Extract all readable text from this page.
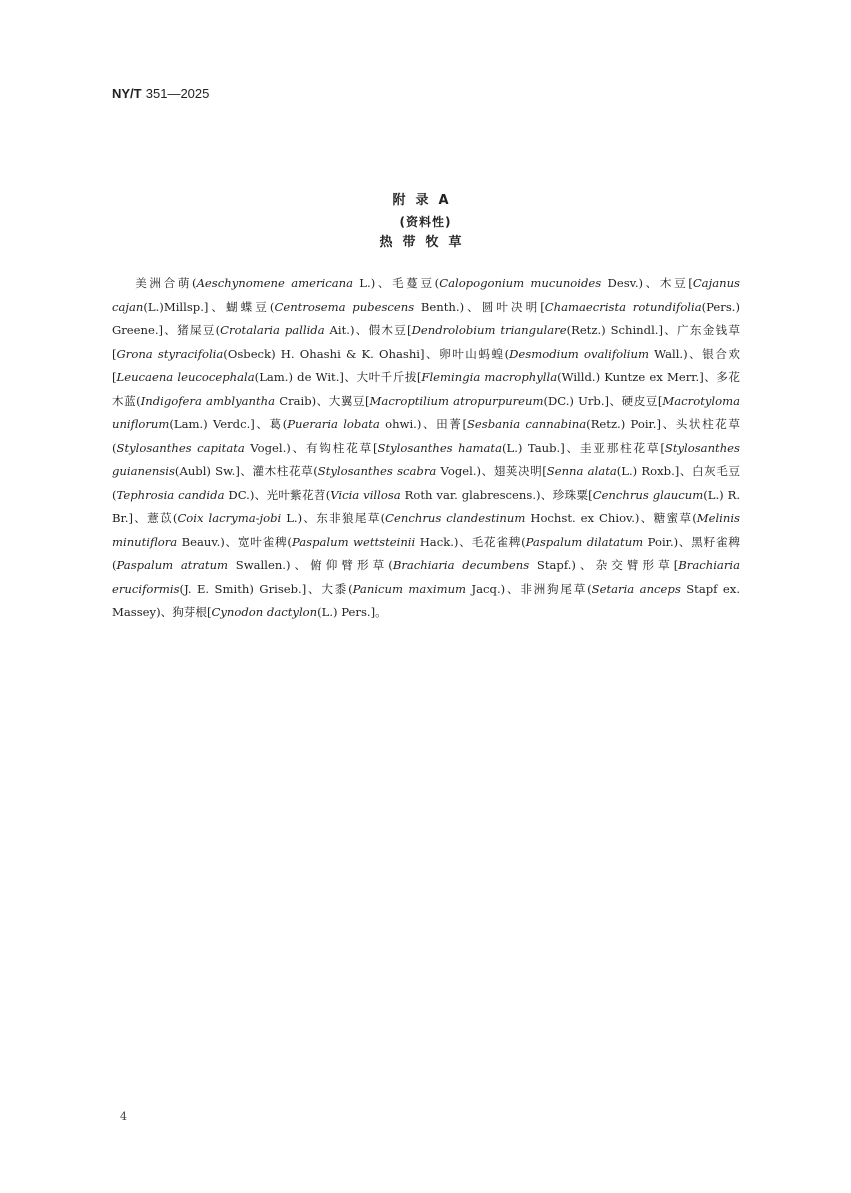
NY/T 351—2025
附录A
(资料性)
热带牧草
美洲合萌(Aeschynomene americana L.)、毛蔓豆(Calopogonium mucunoides Desv.)、木豆[Cajanus cajan(L.)Millsp.]、蝴蝶豆(Centrosema pubescens Benth.)、圆叶决明[Chamaecrista rotundifolia(Pers.) Greene.]、猪屎豆(Crotalaria pallida Ait.)、假木豆[Dendrolobium triangulare(Retz.) Schindl.]、广东金钱草[Grona styracifolia(Osbeck) H. Ohashi & K. Ohashi]、卵叶山蚂蝗(Desmodium ovalifolium Wall.)、银合欢[Leucaena leucocephala(Lam.) de Wit.]、大叶千斤拔[Flemingia macrophylla(Willd.) Kuntze ex Merr.]、多花木蓝(Indigofera amblyantha Craib)、大翼豆[Macroptilium atropurpureum(DC.) Urb.]、硬皮豆[Macrotyloma uniflorum(Lam.) Verdc.]、葛(Pueraria lobata ohwi.)、田菁[Sesbania cannabina(Retz.) Poir.]、头状柱花草(Stylosanthes capitata Vogel.)、有钩柱花草[Stylosanthes hamata(L.) Taub.]、圭亚那柱花草[Stylosanthes guianensis(Aubl) Sw.]、灌木柱花草(Stylosanthes scabra Vogel.)、翅荚决明[Senna alata(L.) Roxb.]、白灰毛豆(Tephrosia candida DC.)、光叶紫花苕(Vicia villosa Roth var. glabrescens.)、珍珠粟[Cenchrus glaucum(L.) R. Br.]、薏苡(Coix lacryma-jobi L.)、东非狼尾草(Cenchrus clandestinum Hochst. ex Chiov.)、糖蜜草(Melinis minutiflora Beauv.)、宽叶雀稗(Paspalum wettsteinii Hack.)、毛花雀稗(Paspalum dilatatum Poir.)、黑籽雀稗(Paspalum atratum Swallen.)、俯仰臂形草(Brachiaria decumbens Stapf.)、杂交臂形草[Brachiaria eruciformis(J. E. Smith) Griseb.]、大黍(Panicum maximum Jacq.)、非洲狗尾草(Setaria anceps Stapf ex. Massey)、狗芽根[Cynodon dactylon(L.) Pers.]。
4
